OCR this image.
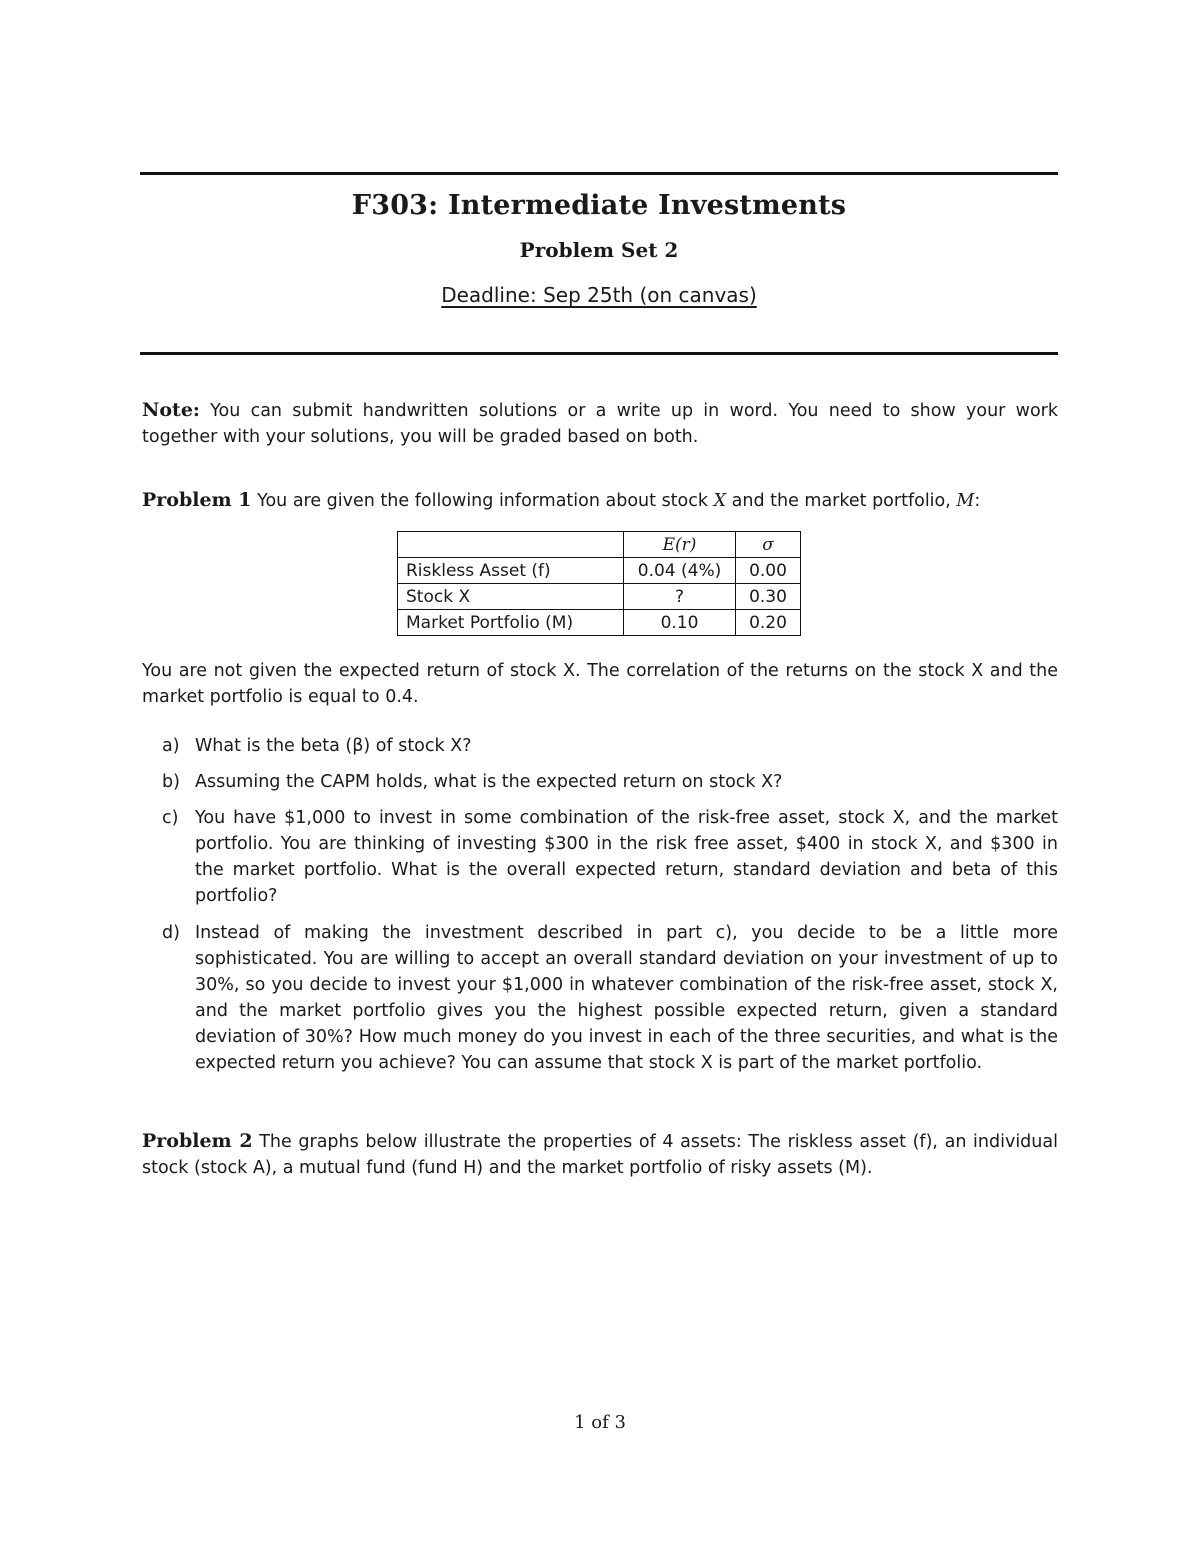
F303: Intermediate Investments
Problem Set 2
Deadline: Sep 25th (on canvas)
Note: You can submit handwritten solutions or a write up in word. You need to show your work together with your solutions, you will be graded based on both.
Problem 1 You are given the following information about stock X and the market portfolio, M:
	E(r)	σ
Riskless Asset (f)	0.04 (4%)	0.00
Stock X	?	0.30
Market Portfolio (M)	0.10	0.20
You are not given the expected return of stock X. The correlation of the returns on the stock X and the market portfolio is equal to 0.4.
a) What is the beta (β) of stock X?
b) Assuming the CAPM holds, what is the expected return on stock X?
c) You have $1,000 to invest in some combination of the risk-free asset, stock X, and the market portfolio. You are thinking of investing $300 in the risk free asset, $400 in stock X, and $300 in the market portfolio. What is the overall expected return, standard deviation and beta of this portfolio?
d) Instead of making the investment described in part c), you decide to be a little more sophisticated. You are willing to accept an overall standard deviation on your investment of up to 30%, so you decide to invest your $1,000 in whatever combination of the risk-free asset, stock X, and the market portfolio gives you the highest possible expected return, given a standard deviation of 30%? How much money do you invest in each of the three securities, and what is the expected return you achieve? You can assume that stock X is part of the market portfolio.
Problem 2 The graphs below illustrate the properties of 4 assets: The riskless asset (f), an individual stock (stock A), a mutual fund (fund H) and the market portfolio of risky assets (M).
1 of 3
